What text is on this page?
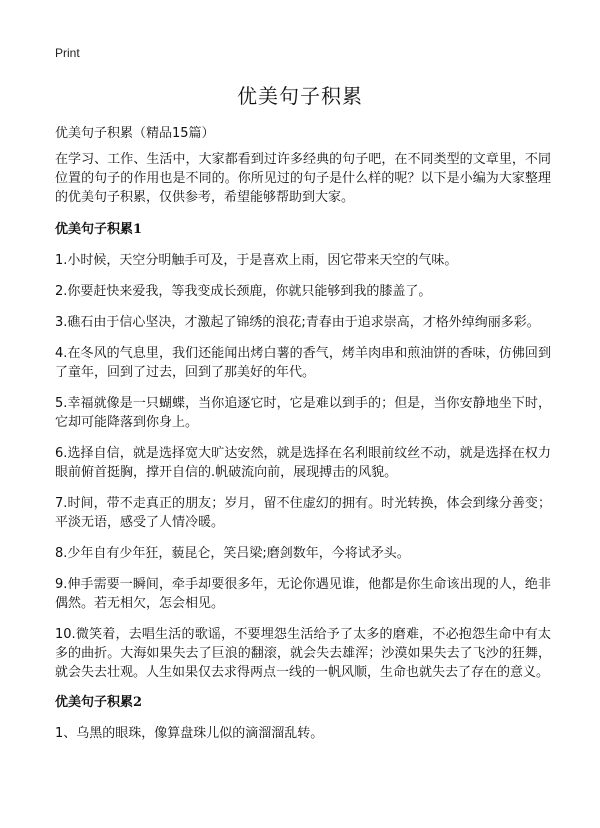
Print
优美句子积累
优美句子积累（精品15篇）

在学习、工作、生活中，大家都看到过许多经典的句子吧，在不同类型的文章里，不同位置的句子的作用也是不同的。你所见过的句子是什么样的呢？以下是小编为大家整理的优美句子积累，仅供参考，希望能够帮助到大家。

优美句子积累1

1.小时候，天空分明触手可及，于是喜欢上雨，因它带来天空的气味。

2.你要赶快来爱我，等我变成长颈鹿，你就只能够到我的膝盖了。

3.礁石由于信心坚决，才激起了锦绣的浪花;青春由于追求崇高，才格外绰绚丽多彩。

4.在冬风的气息里，我们还能闻出烤白薯的香气，烤羊肉串和煎油饼的香味，仿佛回到了童年，回到了过去，回到了那美好的年代。

5.幸福就像是一只蝴蝶，当你追逐它时，它是难以到手的；但是，当你安静地坐下时，它却可能降落到你身上。

6.选择自信，就是选择宽大旷达安然，就是选择在名利眼前纹丝不动，就是选择在权力眼前俯首挺胸，撑开自信的.帆破流向前，展现搏击的风貌。

7.时间，带不走真正的朋友；岁月，留不住虚幻的拥有。时光转换，体会到缘分善变；平淡无语，感受了人情冷暖。

8.少年自有少年狂，藐昆仑，笑吕梁;磨剑数年，今将试矛头。

9.伸手需要一瞬间，牵手却要很多年，无论你遇见谁，他都是你生命该出现的人，绝非偶然。若无相欠，怎会相见。

10.微笑着，去唱生活的歌谣，不要埋怨生活给予了太多的磨难，不必抱怨生命中有太多的曲折。大海如果失去了巨浪的翻滚，就会失去雄浑；沙漠如果失去了飞沙的狂舞，就会失去壮观。人生如果仅去求得两点一线的一帆风顺，生命也就失去了存在的意义。

优美句子积累2

1、乌黑的眼珠，像算盘珠儿似的滴溜溜乱转。
